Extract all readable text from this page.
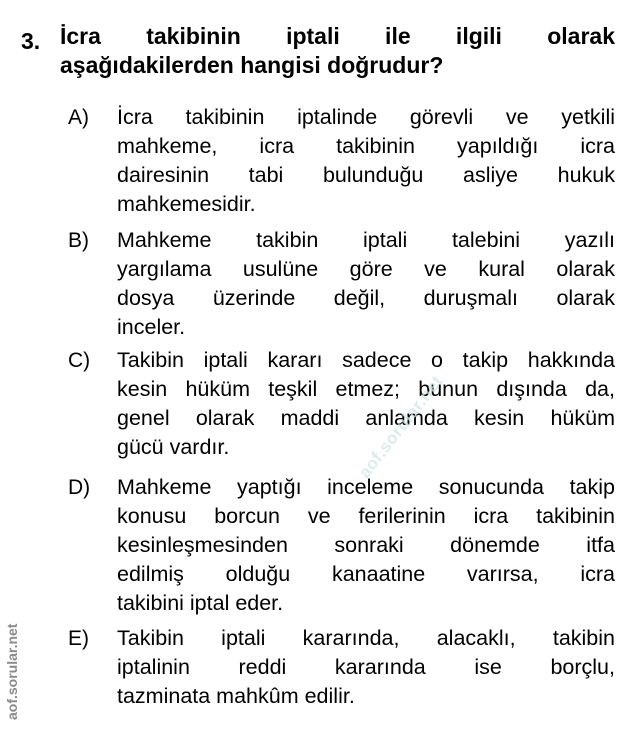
3. İcra takibinin iptali ile ilgili olarak
aşağıdakilerden hangisi doğrudur?
A) İcra takibinin iptalinde görevli ve yetkili
mahkeme, icra takibinin yapıldığı icra
dairesinin tabi bulunduğu asliye hukuk
mahkemesidir.
B) Mahkeme takibin iptali talebini yazılı
yargılama usulüne göre ve kural olarak
dosya üzerinde değil, duruşmalı olarak
inceler.
C) Takibin iptali kararı sadece o takip hakkında
kesin hüküm teşkil etmez; bunun dışında da,
genel olarak maddi anlamda kesin hüküm
gücü vardır.
D) Mahkeme yaptığı inceleme sonucunda takip
konusu borcun ve ferilerinin icra takibinin
kesinleşmesinden sonraki dönemde itfa
edilmiş olduğu kanaatine varırsa, icra
takibini iptal eder.
E) Takibin iptali kararında, alacaklı, takibin
iptalinin reddi kararında ise borçlu,
tazminata mahkûm edilir.
aof.sorular.net
aof.sorular.net
